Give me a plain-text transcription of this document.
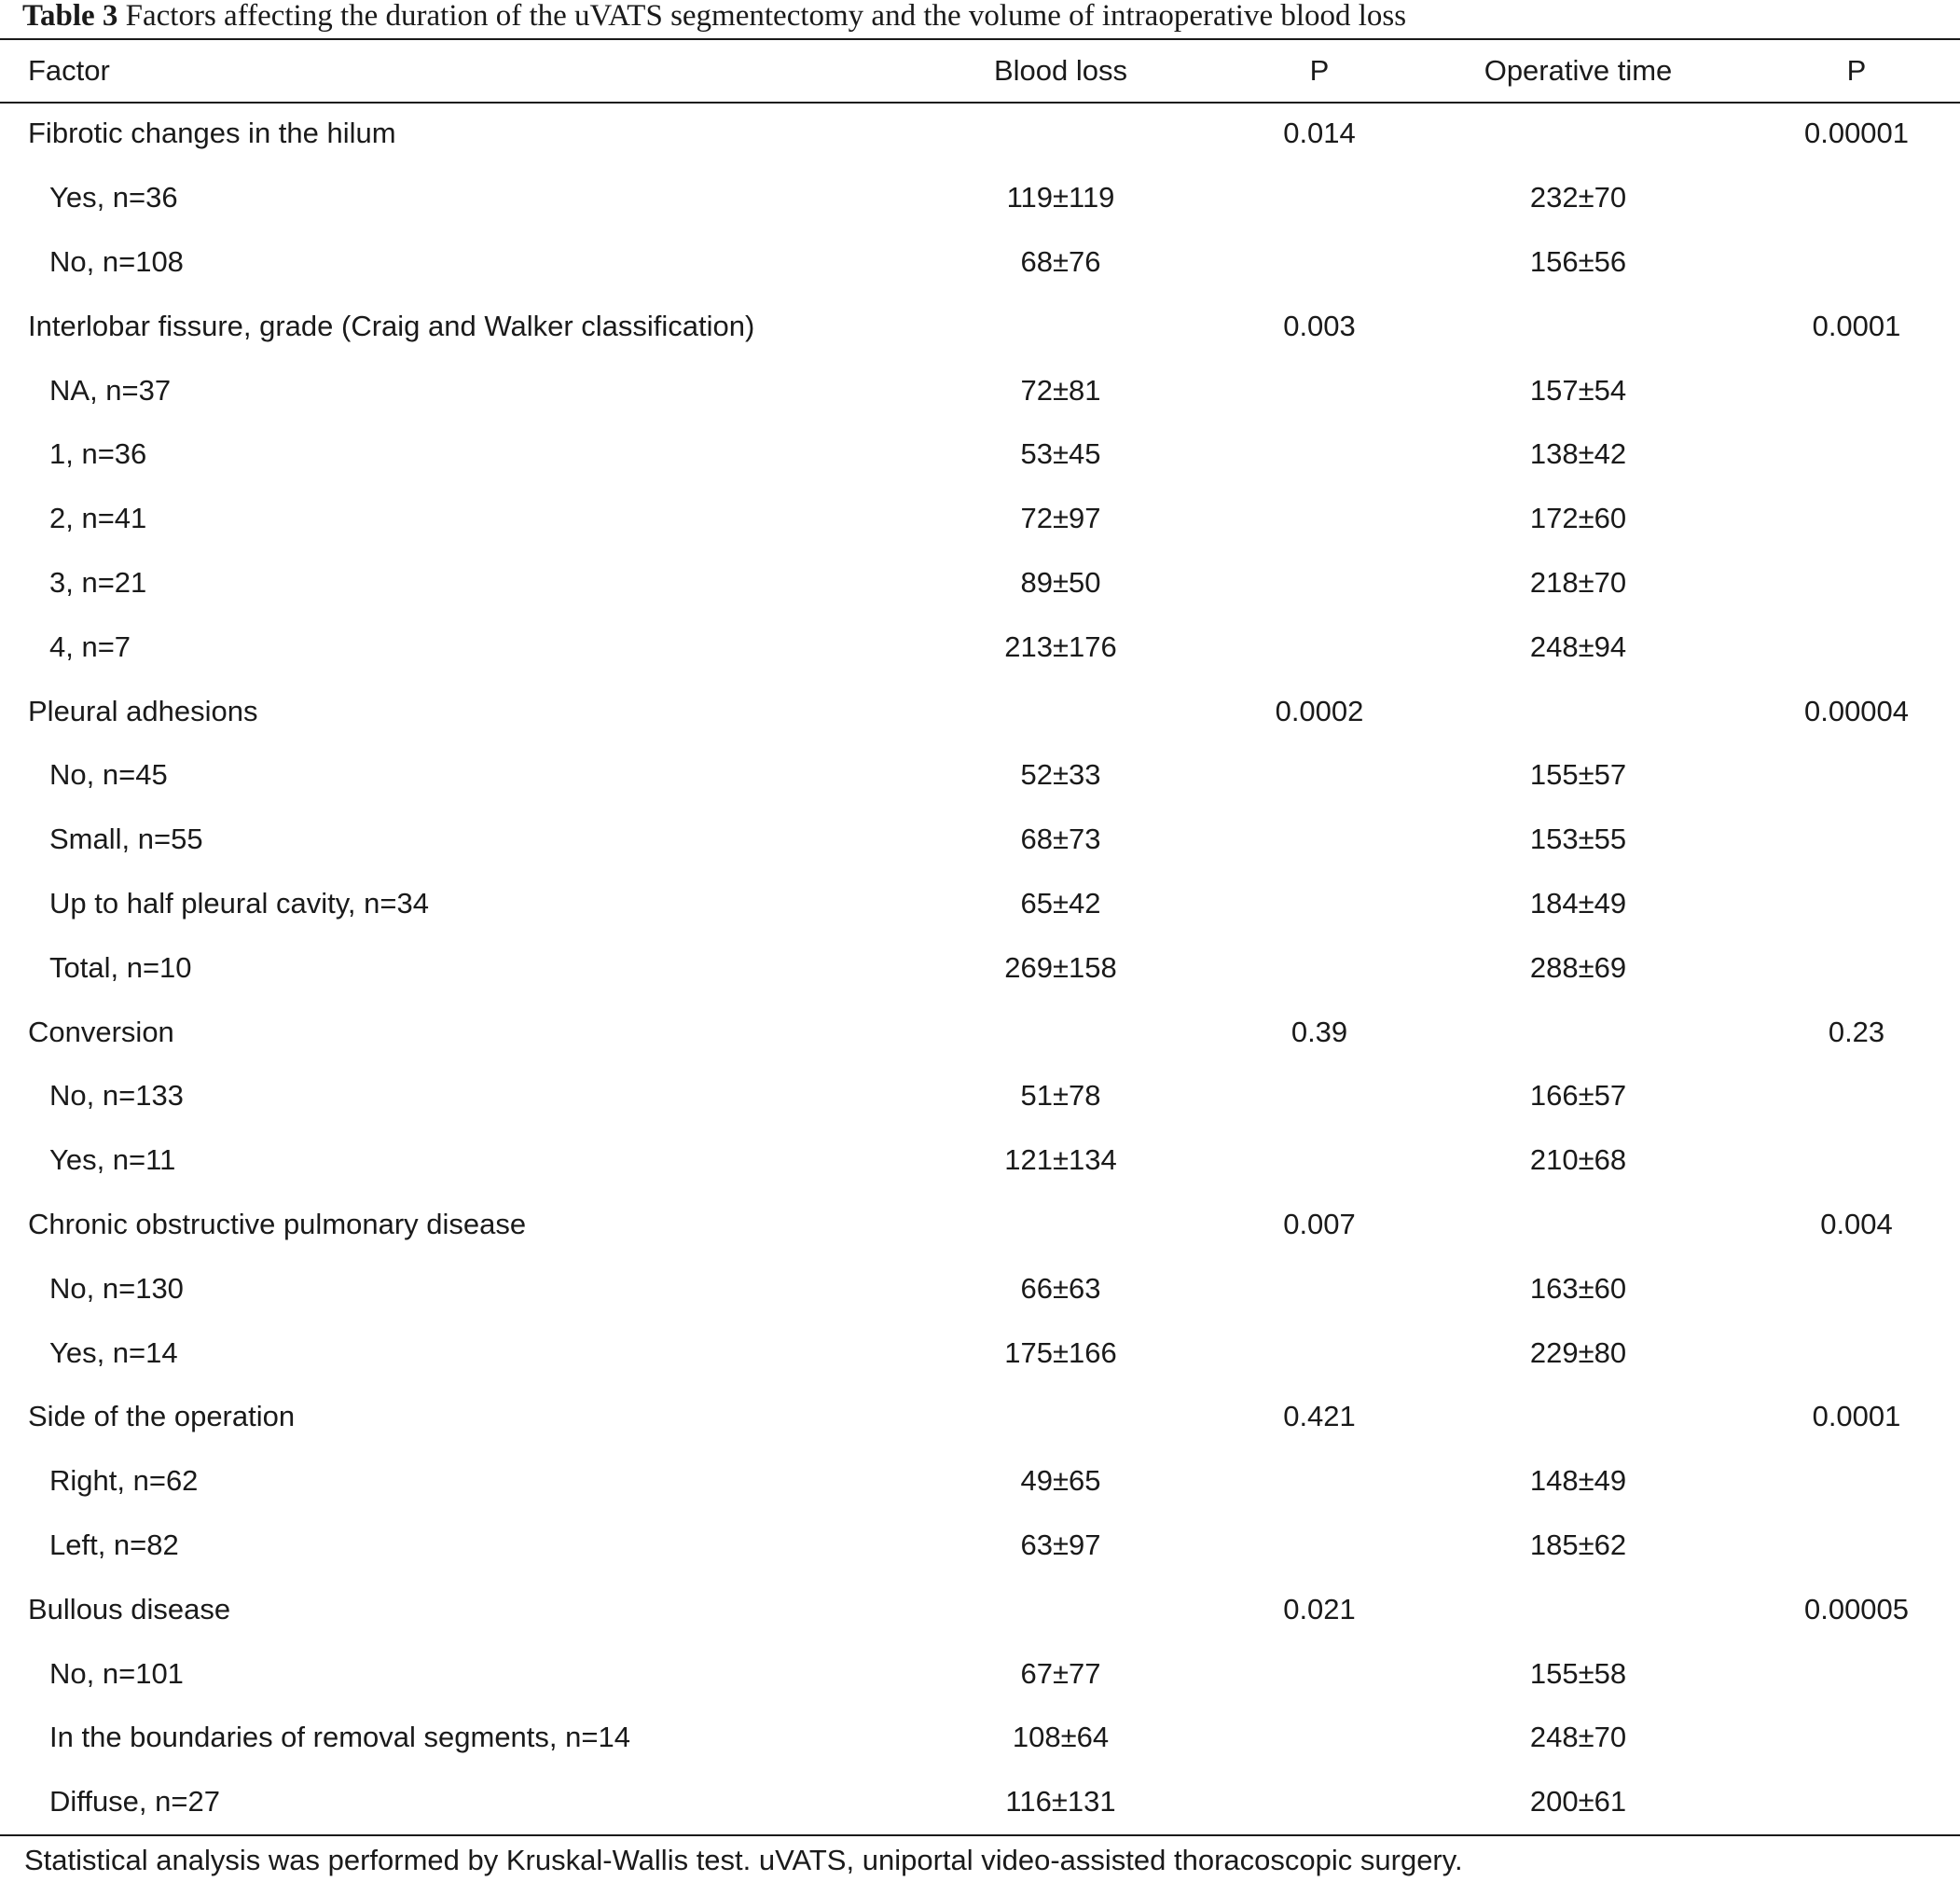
Table 3 Factors affecting the duration of the uVATS segmentectomy and the volume of intraoperative blood loss
Factor	Blood loss	P	Operative time	P
Fibrotic changes in the hilum		0.014		0.00001
Yes, n=36	119±119		232±70	
No, n=108	68±76		156±56	
Interlobar fissure, grade (Craig and Walker classification)		0.003		0.0001
NA, n=37	72±81		157±54	
1, n=36	53±45		138±42	
2, n=41	72±97		172±60	
3, n=21	89±50		218±70	
4, n=7	213±176		248±94	
Pleural adhesions		0.0002		0.00004
No, n=45	52±33		155±57	
Small, n=55	68±73		153±55	
Up to half pleural cavity, n=34	65±42		184±49	
Total, n=10	269±158		288±69	
Conversion		0.39		0.23
No, n=133	51±78		166±57	
Yes, n=11	121±134		210±68	
Chronic obstructive pulmonary disease		0.007		0.004
No, n=130	66±63		163±60	
Yes, n=14	175±166		229±80	
Side of the operation		0.421		0.0001
Right, n=62	49±65		148±49	
Left, n=82	63±97		185±62	
Bullous disease		0.021		0.00005
No, n=101	67±77		155±58	
In the boundaries of removal segments, n=14	108±64		248±70	
Diffuse, n=27	116±131		200±61	
Statistical analysis was performed by Kruskal-Wallis test. uVATS, uniportal video-assisted thoracoscopic surgery.
